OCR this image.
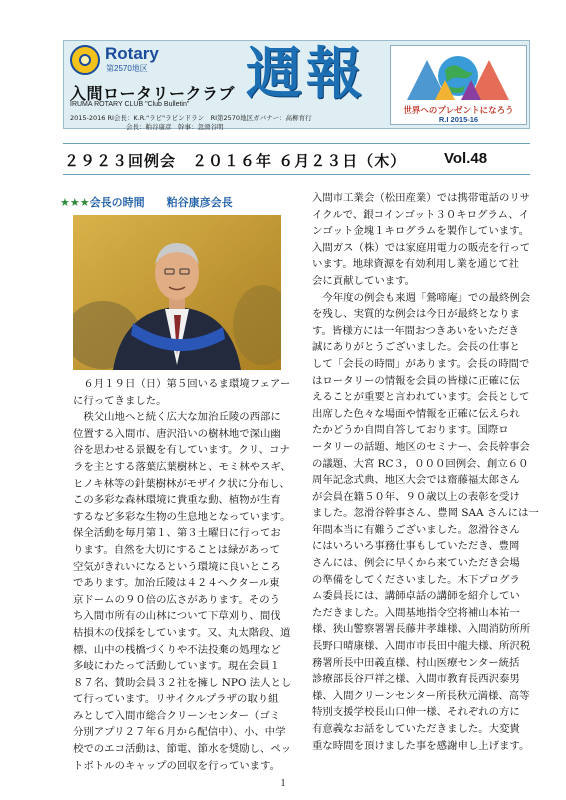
Rotary
第2570地区
入間ロータリークラブ
IRUMA ROTARY CLUB "Club Bulletin"
2015-2016 RI会長：K.R."ラビ"ラビンドラン　RI第2570地区ガバナー：高柳育行
会長：粕谷康彦　幹事：忽滑谷明
週報
世界へのプレゼントになろう
R.I 2015-16
２９２３回例会　２０１６年 ６月２３日（木）	Vol.48
★★★会長の時間 粕谷康彦会長
　６月１９日（日）第５回いるま環境フェアー
に行ってきました。
　秩父山地へと続く広大な加治丘陵の西部に
位置する入間市、唐沢沿いの樹林地で深山幽
谷を思わせる景観を有しています。クリ、コナ
ラを主とする落葉広葉樹林と、モミ林やスギ、
ヒノキ林等の針葉樹林がモザイク状に分布し、
この多彩な森林環境に貴重な動、植物が生育
するなど多彩な生物の生息地となっています。
保全活動を毎月第１、第３土曜日に行ってお
ります。自然を大切にすることは緑があって
空気がきれいになるという環境に良いところ
であります。加治丘陵は４２４ヘクタール東
京ドームの９０倍の広さがあります。そのう
ち入間市所有の山林について下草刈り、間伐
枯損木の伐採をしています。又、丸太階段、道
標、山中の桟橋づくりや不法投棄の処理など
多岐にわたって活動しています。現在会員１
８７名、賛助会員３２社を擁し NPO 法人とし
て行っています。リサイクルプラザの取り組
みとして入間市総合クリーンセンター（ゴミ
分別アプリ２７年６月から配信中）、小、中学
校でのエコ活動は、節電、節水を奨励し、ペッ
トボトルのキャップの回収を行っています。
入間市工業会（松田産業）では携帯電話のリサ
イクルで、銀コインゴット３０キログラム、イ
ンゴット金塊１キログラムを製作しています。
入間ガス（株）では家庭用電力の販売を行って
います。地球資源を有効利用し業を通じて社
会に貢献しています。
　今年度の例会も来週「鶯啼庵」での最終例会
を残し、実質的な例会は今日が最終となりま
す。皆様方には一年間おつきあいをいただき
誠にありがとうございました。会長の仕事と
して「会長の時間」があります。会長の時間で
はロータリーの情報を会員の皆様に正確に伝
えることが重要と言われています。会長として
出席した色々な場面や情報を正確に伝えられ
たかどうか自問自答しております。国際ロ
ータリーの話題、地区のセミナー、会長幹事会
の議題、大宮 RC３，０００回例会、創立６０
周年記念式典、地区大会では齋藤福太郎さん
が会員在籍５０年、９０歳以上の表彰を受け
ました。忽滑谷幹事さん、豊岡 SAA さんには一
年間本当に有難うございました。忽滑谷さん
にはいろいろ事務仕事もしていただき、豊岡
さんには、例会に早くから来ていただき会場
の準備をしてくださいました。木下プログラ
ム委員長には、講師卓話の講師を紹介してい
ただきました。入間基地指令空将補山本祐一
様、狭山警察署署長藤井孝雄様、入間消防所所
長野口晴康様、入間市市長田中龍夫様、所沢税
務署所長中田義直様、村山医療センター統括
診療部長谷戸祥之様、入間市教育長西沢泰男
様、入間クリーンセンター所長秋元満様、高等
特別支援学校長山口伸一様、それぞれの方に
有意義なお話をしていただきました。大変貴
重な時間を頂けました事を感謝申し上げます。
1
